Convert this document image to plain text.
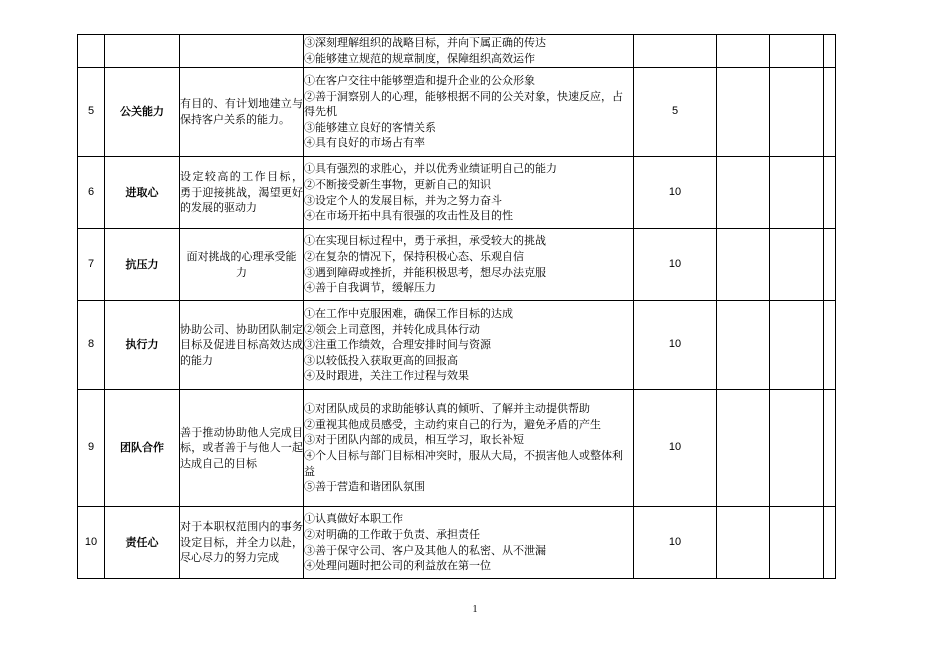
			③深刻理解组织的战略目标，并向下属正确的传达
④能够建立规范的规章制度，保障组织高效运作				

5	公关能力	有目的、有计划地建立与保持客户关系的能力。	①在客户交往中能够塑造和提升企业的公众形象
②善于洞察别人的心理，能够根据不同的公关对象，快速反应，占得先机
③能够建立良好的客情关系
④具有良好的市场占有率	5			
6	进取心	设定较高的工作目标， 勇于迎接挑战，渴望更好的发展的驱动力	①具有强烈的求胜心，并以优秀业绩证明自己的能力
②不断接受新生事物，更新自己的知识
③设定个人的发展目标，并为之努力奋斗
④在市场开拓中具有很强的攻击性及目的性	10			
7	抗压力	面对挑战的心理承受能力	①在实现目标过程中，勇于承担，承受较大的挑战
②在复杂的情况下，保持积极心态、乐观自信
③遇到障碍或挫折，并能积极思考，想尽办法克服
④善于自我调节，缓解压力	10			
8	执行力	协助公司、协助团队制定目标及促进目标高效达成的能力	①在工作中克服困难，确保工作目标的达成
②领会上司意图，并转化成具体行动
③注重工作绩效，合理安排时间与资源
③以较低投入获取更高的回报高
④及时跟进，关注工作过程与效果	10			
9	团队合作	善于推动协助他人完成目标，或者善于与他人一起达成自己的目标	①对团队成员的求助能够认真的倾听、了解并主动提供帮助
②重视其他成员感受，主动约束自己的行为，避免矛盾的产生
③对于团队内部的成员，相互学习，取长补短
④个人目标与部门目标相冲突时，服从大局，不损害他人或整体利益
⑤善于营造和谐团队氛围	10			
10	责任心	对于本职权范围内的事务设定目标，并全力以赴，尽心尽力的努力完成	①认真做好本职工作
②对明确的工作敢于负责、承担责任
③善于保守公司、客户及其他人的私密、从不泄漏
④处理问题时把公司的利益放在第一位	10			
1
